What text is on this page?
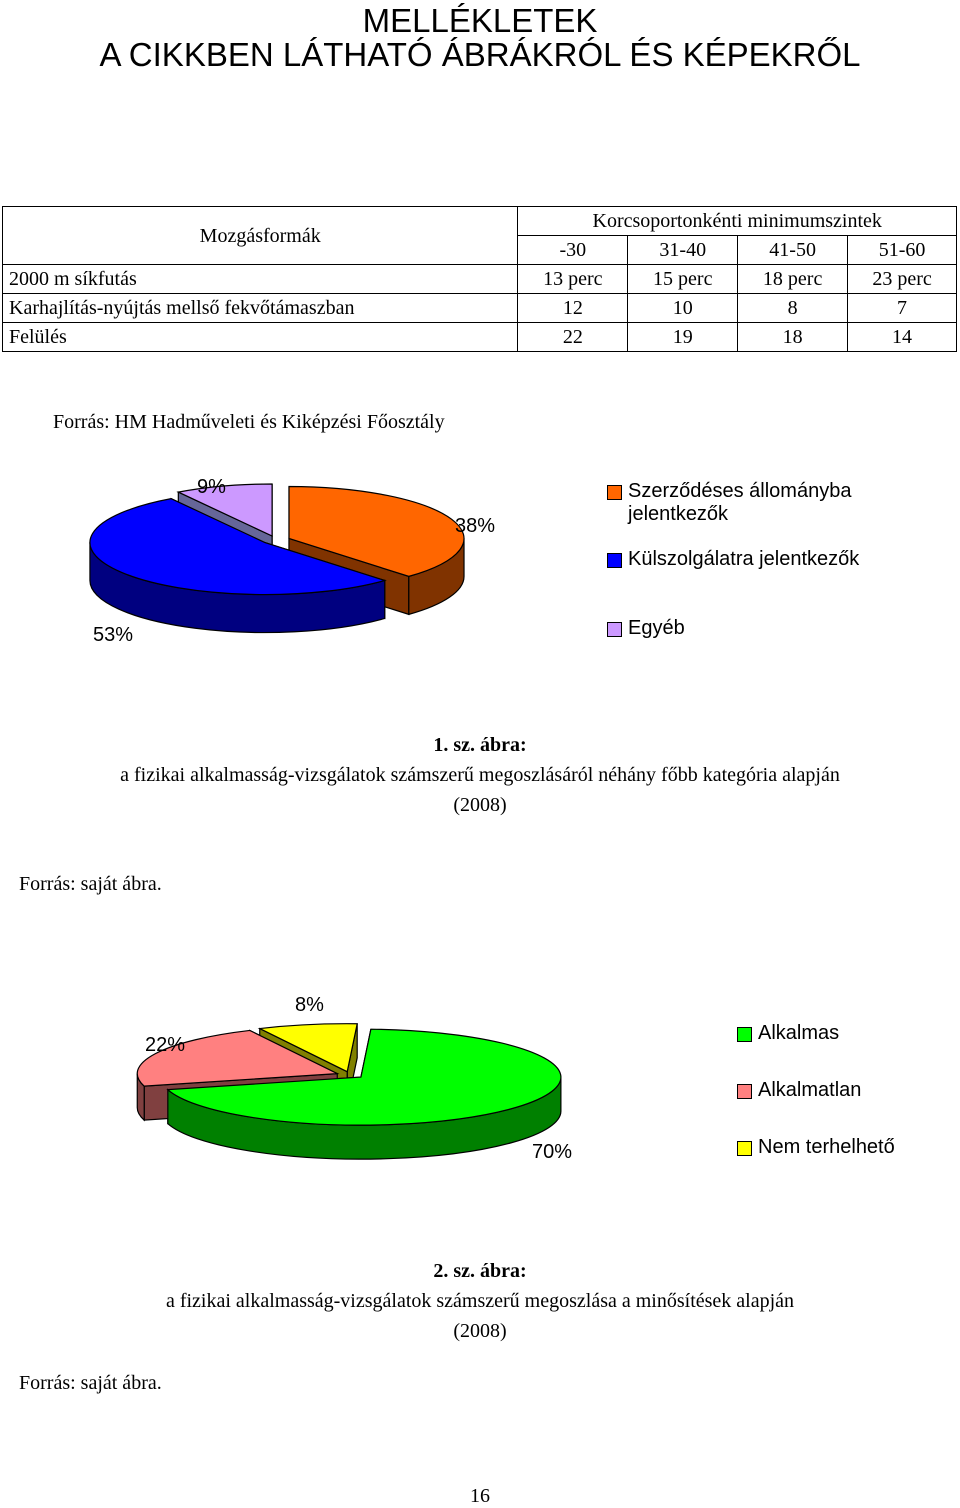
MELLÉKLETEK
A CIKKBEN LÁTHATÓ ÁBRÁKRÓL ÉS KÉPEKRŐL
Mozgásformák	Korcsoportonkénti minimumszintek			
	-30	31-40	41-50	51-60
2000 m síkfutás	13 perc	15 perc	18 perc	23 perc
Karhajlítás-nyújtás mellső fekvőtámaszban	12	10	8	7
Felülés	22	19	18	14
Forrás: HM Hadműveleti és Kiképzési Főosztály
9%
38%
53%
Szerződéses állományba jelentkezők
Külszolgálatra jelentkezők
Egyéb
1. sz. ábra:
a fizikai alkalmasság-vizsgálatok számszerű megoszlásáról néhány főbb kategória alapján
(2008)
Forrás: saját ábra.
8%
22%
70%
Alkalmas
Alkalmatlan
Nem terhelhető
2. sz. ábra:
a fizikai alkalmasság-vizsgálatok számszerű megoszlása a minősítések alapján
(2008)
Forrás: saját ábra.
16
